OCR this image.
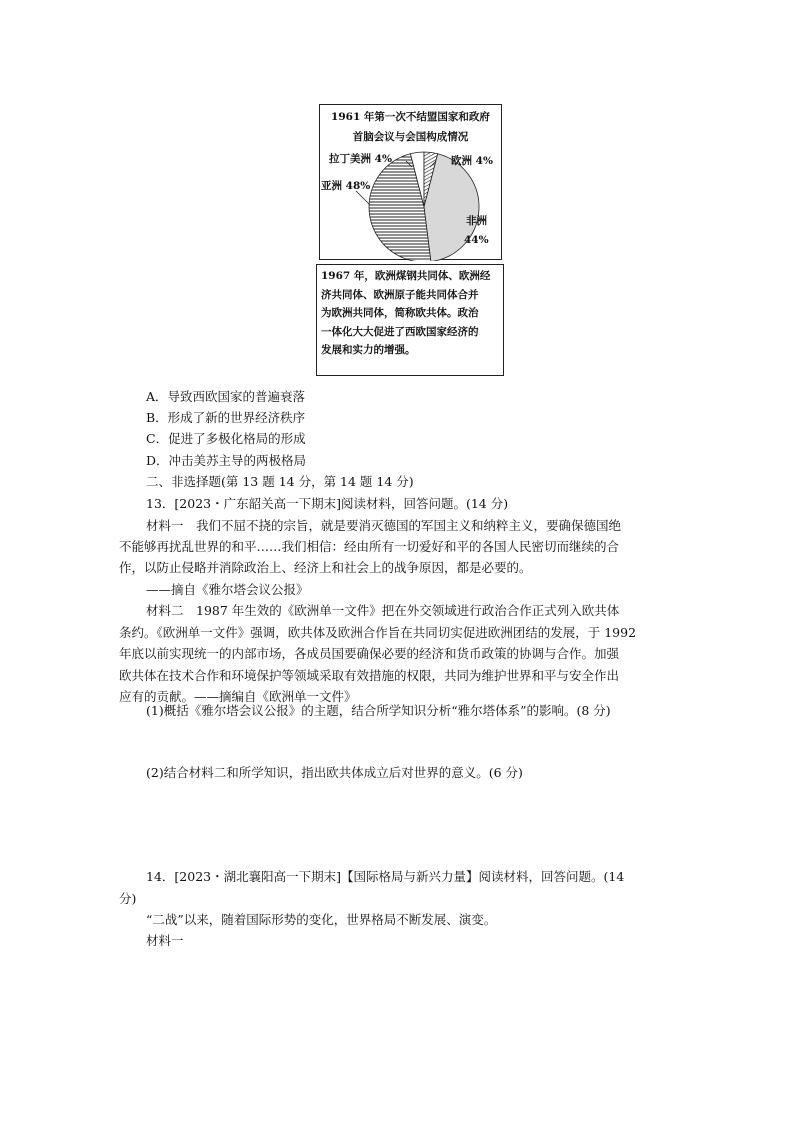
1961 年第一次不结盟国家和政府
首脑会议与会国构成情况
拉丁美洲 4%	欧洲 4%
亚洲 48%
非洲
44%
1967 年，欧洲煤钢共同体、欧洲经
济共同体、欧洲原子能共同体合并
为欧洲共同体，简称欧共体。政治
一体化大大促进了西欧国家经济的
发展和实力的增强。
A．导致西欧国家的普遍衰落
B．形成了新的世界经济秩序
C．促进了多极化格局的形成
D．冲击美苏主导的两极格局
二、非选择题(第 13 题 14 分，第 14 题 14 分)
13．[2023・广东韶关高一下期末]阅读材料，回答问题。(14 分)
材料一　我们不屈不挠的宗旨，就是要消灭德国的军国主义和纳粹主义，要确保德国绝
不能够再扰乱世界的和平……我们相信：经由所有一切爱好和平的各国人民密切而继续的合
作，以防止侵略并消除政治上、经济上和社会上的战争原因，都是必要的。
——摘自《雅尔塔会议公报》
材料二　1987 年生效的《欧洲单一文件》把在外交领域进行政治合作正式列入欧共体
条约。《欧洲单一文件》强调，欧共体及欧洲合作旨在共同切实促进欧洲团结的发展，于 1992
年底以前实现统一的内部市场，各成员国要确保必要的经济和货币政策的协调与合作。加强
欧共体在技术合作和环境保护等领域采取有效措施的权限，共同为维护世界和平与安全作出
应有的贡献。——摘编自《欧洲单一文件》
(1)概括《雅尔塔会议公报》的主题，结合所学知识分析“雅尔塔体系”的影响。(8 分)
(2)结合材料二和所学知识，指出欧共体成立后对世界的意义。(6 分)
14．[2023・湖北襄阳高一下期末]【国际格局与新兴力量】阅读材料，回答问题。(14
分)
“二战”以来，随着国际形势的变化，世界格局不断发展、演变。
材料一
